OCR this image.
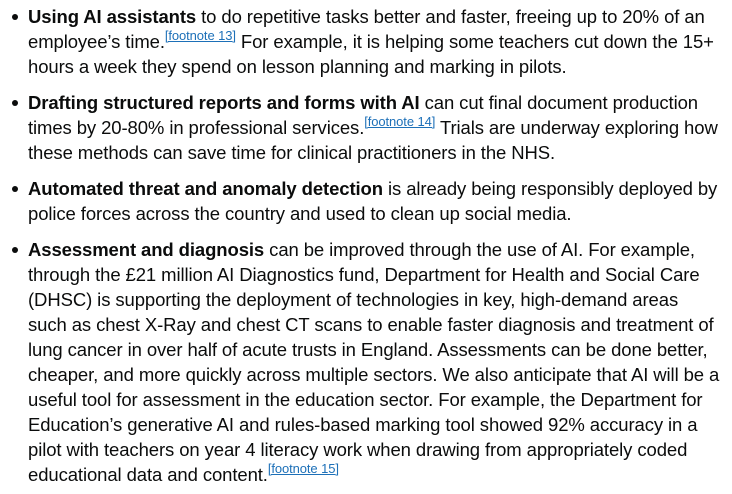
Using AI assistants to do repetitive tasks better and faster, freeing up to 20% of an employee’s time.[footnote 13] For example, it is helping some teachers cut down the 15+ hours a week they spend on lesson planning and marking in pilots.
Drafting structured reports and forms with AI can cut final document production times by 20-80% in professional services.[footnote 14] Trials are underway exploring how these methods can save time for clinical practitioners in the NHS.
Automated threat and anomaly detection is already being responsibly deployed by police forces across the country and used to clean up social media.
Assessment and diagnosis can be improved through the use of AI. For example, through the £21 million AI Diagnostics fund, Department for Health and Social Care (DHSC) is supporting the deployment of technologies in key, high-demand areas such as chest X-Ray and chest CT scans to enable faster diagnosis and treatment of lung cancer in over half of acute trusts in England. Assessments can be done better, cheaper, and more quickly across multiple sectors. We also anticipate that AI will be a useful tool for assessment in the education sector. For example, the Department for Education’s generative AI and rules-based marking tool showed 92% accuracy in a pilot with teachers on year 4 literacy work when drawing from appropriately coded educational data and content.[footnote 15]
